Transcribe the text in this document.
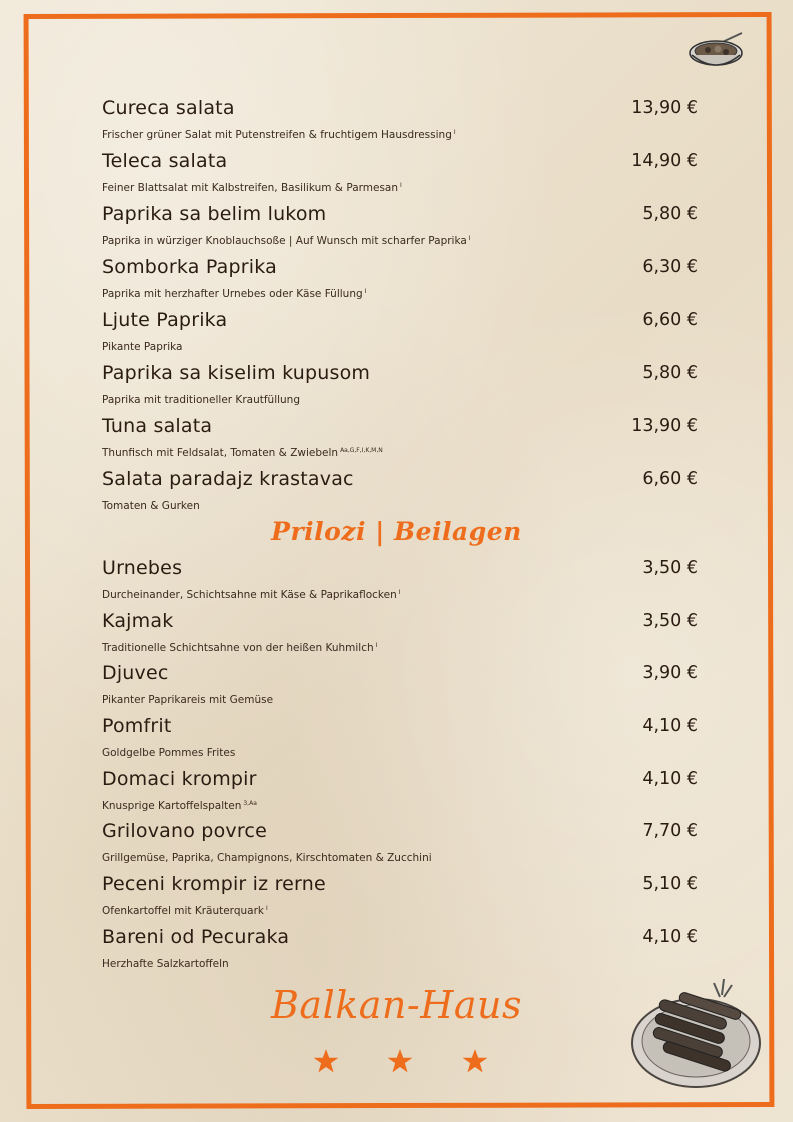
Cureca salata	13,90 €
Frischer grüner Salat mit Putenstreifen & fruchtigem Hausdressing $^I$
Teleca salata	14,90 €
Feiner Blattsalat mit Kalbstreifen, Basilikum & Parmesan $^I$
Paprika sa belim lukom	5,80 €
Paprika in würziger Knoblauchsoße | Auf Wunsch mit scharfer Paprika $^I$
Somborka Paprika	6,30 €
Paprika mit herzhafter Urnebes oder Käse Füllung $^I$
Ljute Paprika	6,60 €
Pikante Paprika
Paprika sa kiselim kupusom	5,80 €
Paprika mit traditioneller Krautfüllung
Tuna salata	13,90 €
Thunfisch mit Feldsalat, Tomaten & Zwiebeln $^{Aa,G,F,I,K,M,N}$
Salata paradajz krastavac	6,60 €
Tomaten & Gurken
Prilozi | Beilagen
Urnebes	3,50 €
Durcheinander, Schichtsahne mit Käse & Paprikaflocken $^I$
Kajmak	3,50 €
Traditionelle Schichtsahne von der heißen Kuhmilch $^I$
Djuvec	3,90 €
Pikanter Paprikareis mit Gemüse
Pomfrit	4,10 €
Goldgelbe Pommes Frites
Domaci krompir	4,10 €
Knusprige Kartoffelspalten $^{3,Aa}$
Grilovano povrce	7,70 €
Grillgemüse, Paprika, Champignons, Kirschtomaten & Zucchini
Peceni krompir iz rerne	5,10 €
Ofenkartoffel mit Kräuterquark $^I$
Bareni od Pecuraka	4,10 €
Herzhafte Salzkartoffeln
Balkan-Haus
